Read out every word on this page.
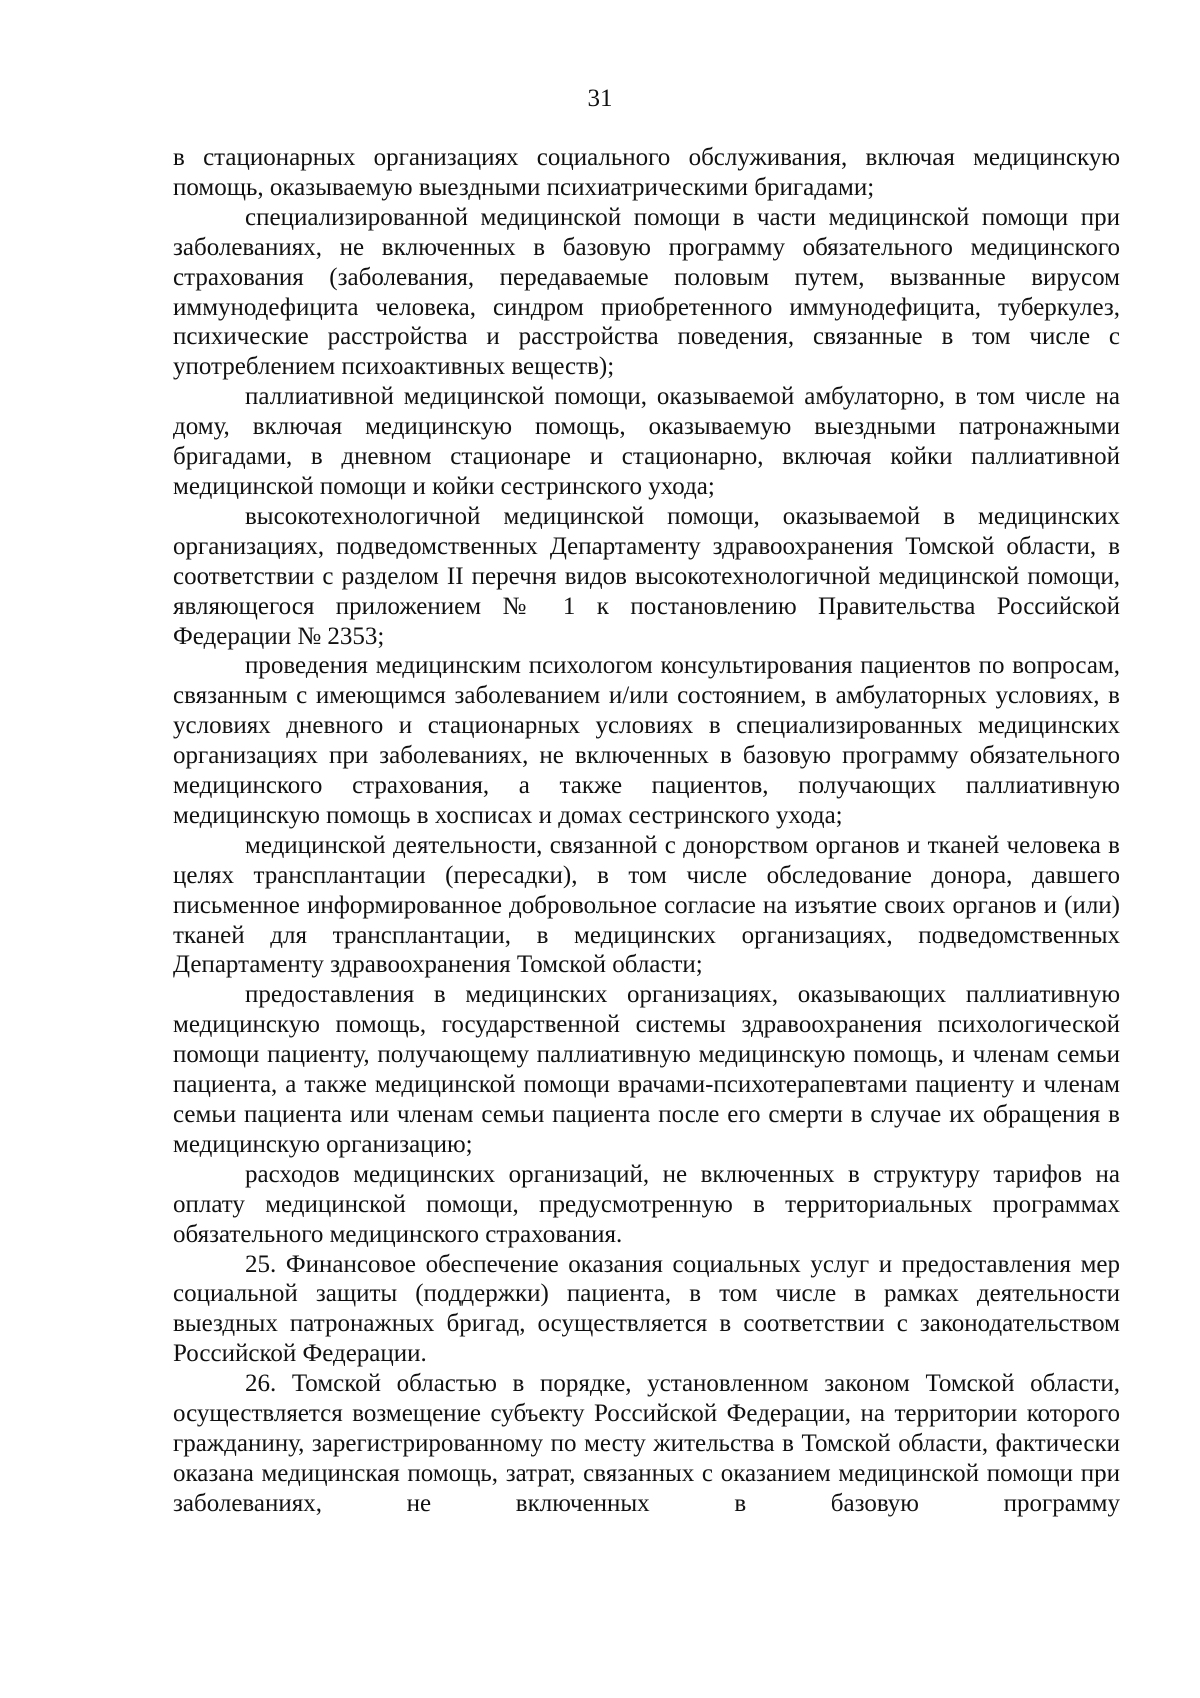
31

в стационарных организациях социального обслуживания, включая медицинскую помощь, оказываемую выездными психиатрическими бригадами;

специализированной медицинской помощи в части медицинской помощи при заболеваниях, не включенных в базовую программу обязательного медицинского страхования (заболевания, передаваемые половым путем, вызванные вирусом иммунодефицита человека, синдром приобретенного иммунодефицита, туберкулез, психические расстройства и расстройства поведения, связанные в том числе с употреблением психоактивных веществ);

паллиативной медицинской помощи, оказываемой амбулаторно, в том числе на дому, включая медицинскую помощь, оказываемую выездными патронажными бригадами, в дневном стационаре и стационарно, включая койки паллиативной медицинской помощи и койки сестринского ухода;

высокотехнологичной медицинской помощи, оказываемой в медицинских организациях, подведомственных Департаменту здравоохранения Томской области, в соответствии с разделом II перечня видов высокотехнологичной медицинской помощи, являющегося приложением № 1 к постановлению Правительства Российской Федерации № 2353;

проведения медицинским психологом консультирования пациентов по вопросам, связанным с имеющимся заболеванием и/или состоянием, в амбулаторных условиях, в условиях дневного и стационарных условиях в специализированных медицинских организациях при заболеваниях, не включенных в базовую программу обязательного медицинского страхования, а также пациентов, получающих паллиативную медицинскую помощь в хосписах и домах сестринского ухода;

медицинской деятельности, связанной с донорством органов и тканей человека в целях трансплантации (пересадки), в том числе обследование донора, давшего письменное информированное добровольное согласие на изъятие своих органов и (или) тканей для трансплантации, в медицинских организациях, подведомственных Департаменту здравоохранения Томской области;

предоставления в медицинских организациях, оказывающих паллиативную медицинскую помощь, государственной системы здравоохранения психологической помощи пациенту, получающему паллиативную медицинскую помощь, и членам семьи пациента, а также медицинской помощи врачами-психотерапевтами пациенту и членам семьи пациента или членам семьи пациента после его смерти в случае их обращения в медицинскую организацию;

расходов медицинских организаций, не включенных в структуру тарифов на оплату медицинской помощи, предусмотренную в территориальных программах обязательного медицинского страхования.

25. Финансовое обеспечение оказания социальных услуг и предоставления мер социальной защиты (поддержки) пациента, в том числе в рамках деятельности выездных патронажных бригад, осуществляется в соответствии с законодательством Российской Федерации.

26. Томской областью в порядке, установленном законом Томской области, осуществляется возмещение субъекту Российской Федерации, на территории которого гражданину, зарегистрированному по месту жительства в Томской области, фактически оказана медицинская помощь, затрат, связанных с оказанием медицинской помощи при заболеваниях, не включенных в базовую программу
